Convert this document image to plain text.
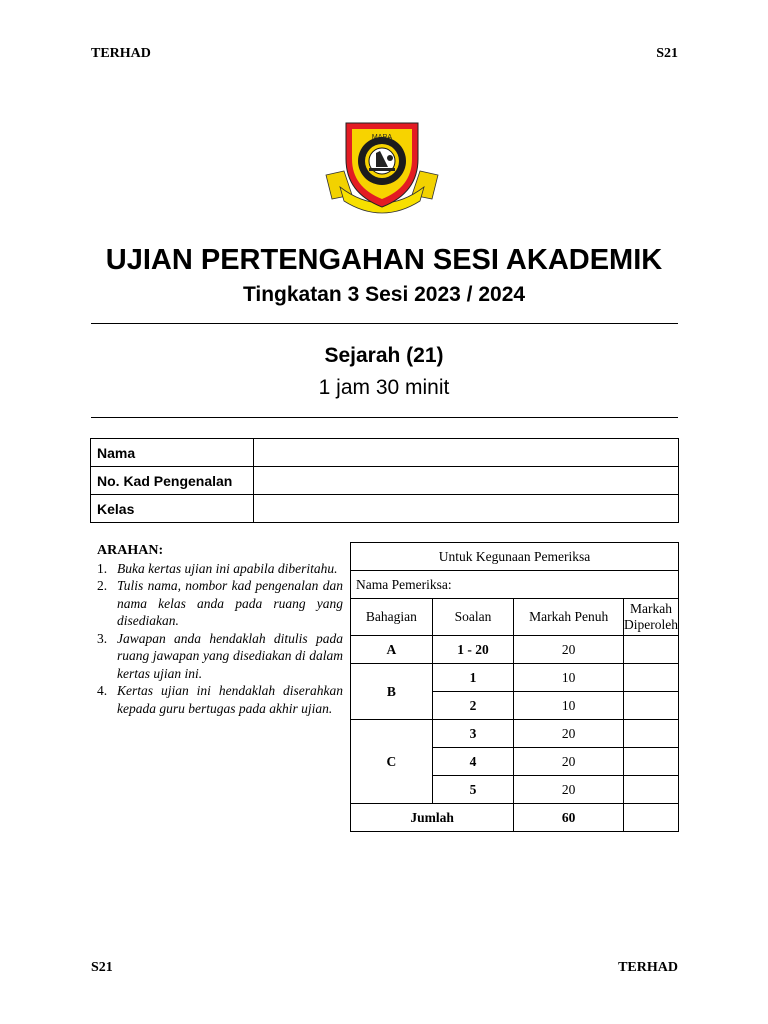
TERHAD	S21
MARA
UJIAN PERTENGAHAN SESI AKADEMIK
Tingkatan 3 Sesi 2023 / 2024
Sejarah (21)
1 jam 30 minit
Nama	
No. Kad Pengenalan	
Kelas	
ARAHAN:
1. Buka kertas ujian ini apabila diberitahu.
2. Tulis nama, nombor kad pengenalan dan nama kelas anda pada ruang yang disediakan.
3. Jawapan anda hendaklah ditulis pada ruang jawapan yang disediakan di dalam kertas ujian ini.
4. Kertas ujian ini hendaklah diserahkan kepada guru bertugas pada akhir ujian.
Untuk Kegunaan Pemeriksa			
Nama Pemeriksa:			
Bahagian	Soalan	Markah Penuh	Markah Diperoleh
A	1 - 20	20	
B	1	10	
	2	10	
C	3	20	
	4	20	
	5	20	
Jumlah		60	
S21	TERHAD
